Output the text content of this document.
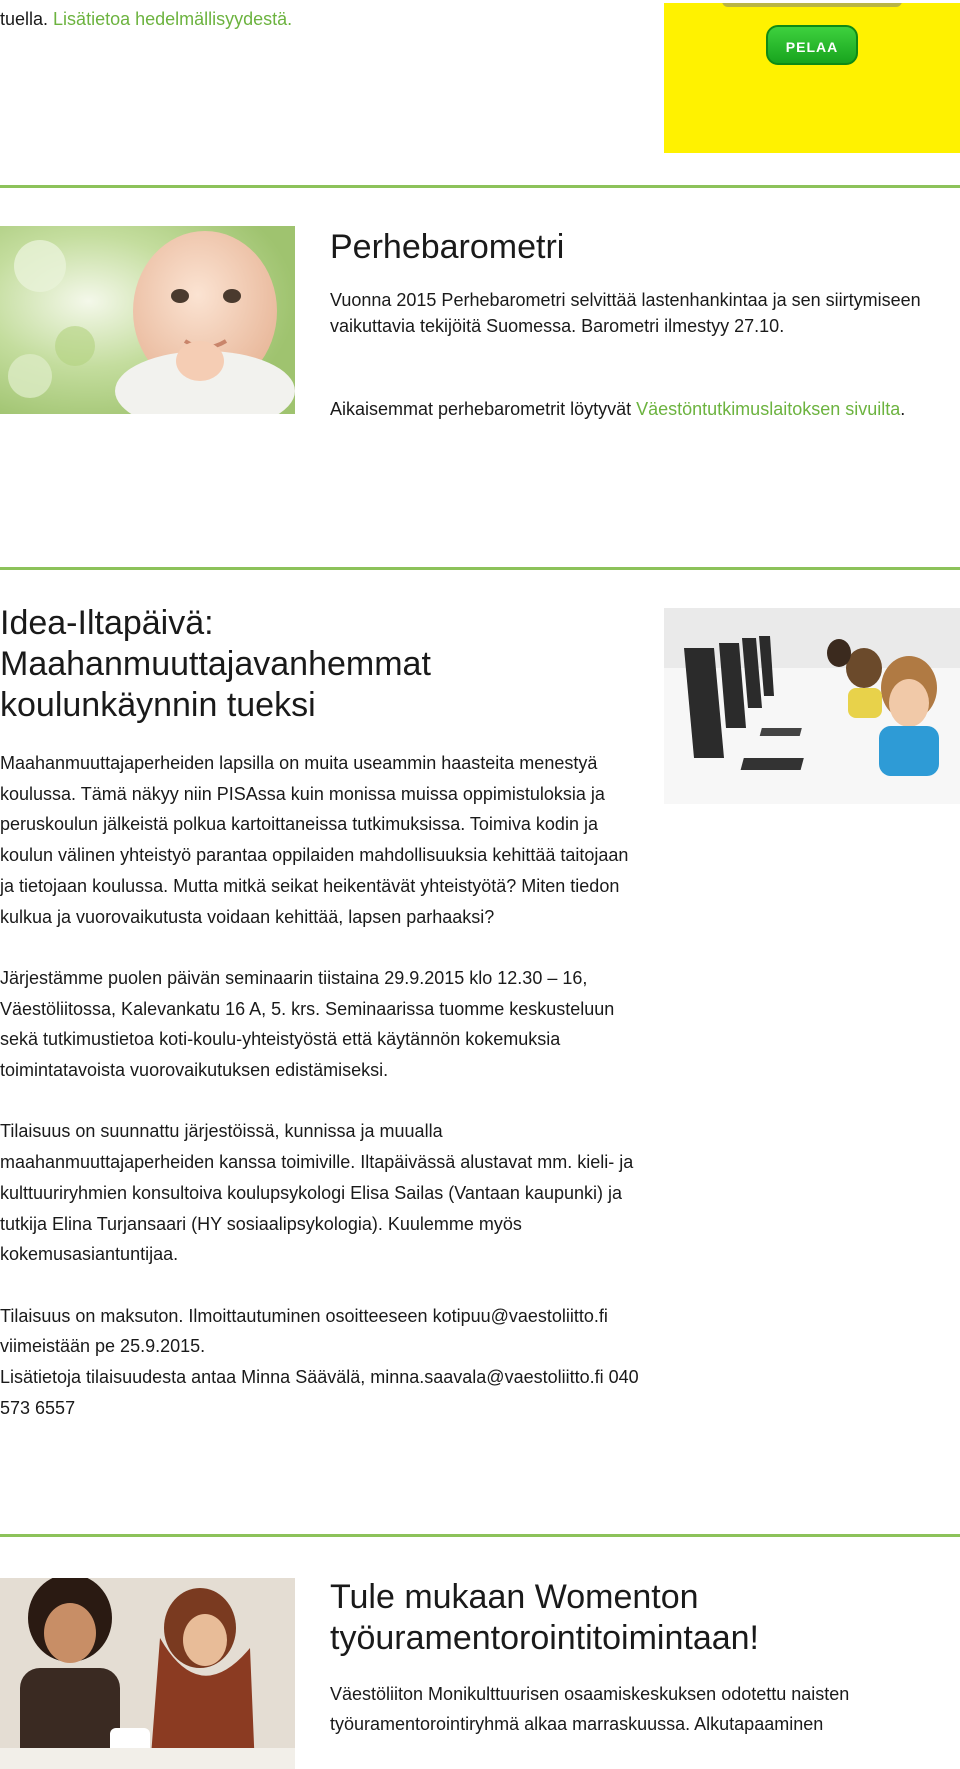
tuella. Lisätietoa hedelmällisyydestä.
PELAA
Perhebarometri

Vuonna 2015 Perhebarometri selvittää lastenhankintaa ja sen siirtymiseen vaikuttavia tekijöitä Suomessa. Barometri ilmestyy 27.10.

Aikaisemmat perhebarometrit löytyvät Väestöntutkimuslaitoksen sivuilta.

Idea-Iltapäivä: Maahanmuuttajavanhemmat koulunkäynnin tueksi

Maahanmuuttajaperheiden lapsilla on muita useammin haasteita menestyä koulussa. Tämä näkyy niin PISAssa kuin monissa muissa oppimistuloksia ja peruskoulun jälkeistä polkua kartoittaneissa tutkimuksissa. Toimiva kodin ja koulun välinen yhteistyö parantaa oppilaiden mahdollisuuksia kehittää taitojaan ja tietojaan koulussa. Mutta mitkä seikat heikentävät yhteistyötä? Miten tiedon kulkua ja vuorovaikutusta voidaan kehittää, lapsen parhaaksi?

Järjestämme puolen päivän seminaarin tiistaina 29.9.2015 klo 12.30 – 16, Väestöliitossa, Kalevankatu 16 A, 5. krs. Seminaarissa tuomme keskusteluun sekä tutkimustietoa koti-koulu-yhteistyöstä että käytännön kokemuksia toimintatavoista vuorovaikutuksen edistämiseksi.

Tilaisuus on suunnattu järjestöissä, kunnissa ja muualla maahanmuuttajaperheiden kanssa toimiville. Iltapäivässä alustavat mm. kieli- ja kulttuuriryhmien konsultoiva koulupsykologi Elisa Sailas (Vantaan kaupunki) ja tutkija Elina Turjansaari (HY sosiaalipsykologia). Kuulemme myös kokemusasiantuntijaa.

Tilaisuus on maksuton. Ilmoittautuminen osoitteeseen kotipuu@vaestoliitto.fi viimeistään pe 25.9.2015.
Lisätietoja tilaisuudesta antaa Minna Säävälä, minna.saavala@vaestoliitto.fi 040 573 6557

Tule mukaan Womenton työuramentorointitoimintaan!

Väestöliiton Monikulttuurisen osaamiskeskuksen odotettu naisten työuramentorointiryhmä alkaa marraskuussa. Alkutapaaminen
